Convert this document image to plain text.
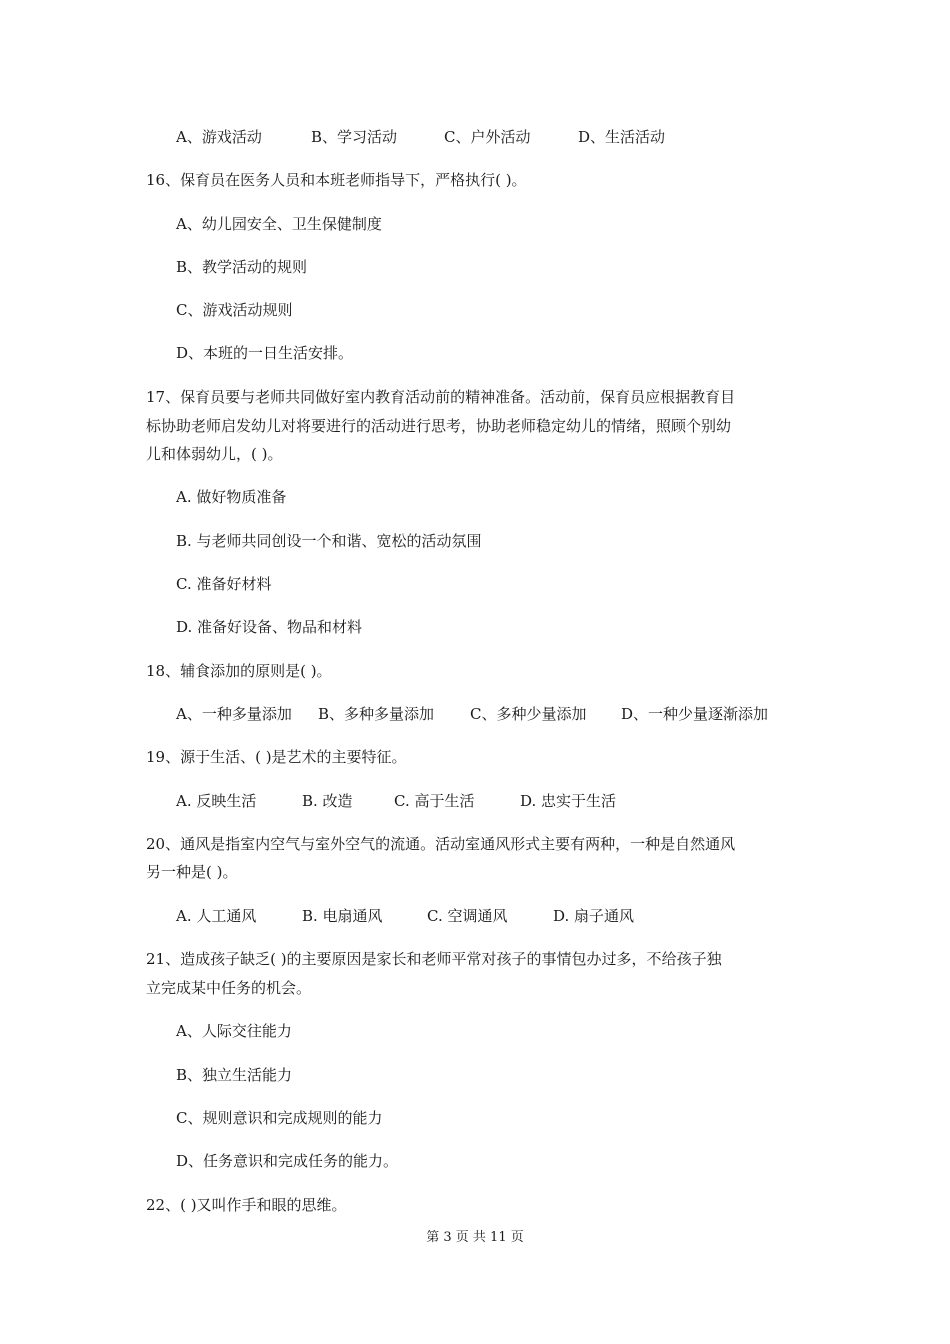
A、游戏活动	B、学习活动	C、户外活动	D、生活活动
16、保育员在医务人员和本班老师指导下，严格执行( )。
A、幼儿园安全、卫生保健制度
B、教学活动的规则
C、游戏活动规则
D、本班的一日生活安排。
17、保育员要与老师共同做好室内教育活动前的精神准备。活动前，保育员应根据教育目
标协助老师启发幼儿对将要进行的活动进行思考，协助老师稳定幼儿的情绪，照顾个别幼
儿和体弱幼儿，( )。
A. 做好物质准备
B. 与老师共同创设一个和谐、宽松的活动氛围
C. 准备好材料
D. 准备好设备、物品和材料
18、辅食添加的原则是( )。
A、一种多量添加 B、多种多量添加 C、多种少量添加 D、一种少量逐渐添加
19、源于生活、( )是艺术的主要特征。
A. 反映生活	B. 改造	C. 高于生活	D. 忠实于生活
20、通风是指室内空气与室外空气的流通。活动室通风形式主要有两种，一种是自然通风
另一种是( )。
A. 人工通风	B. 电扇通风	C. 空调通风	D. 扇子通风
21、造成孩子缺乏( )的主要原因是家长和老师平常对孩子的事情包办过多，不给孩子独
立完成某中任务的机会。
A、人际交往能力
B、独立生活能力
C、规则意识和完成规则的能力
D、任务意识和完成任务的能力。
22、( )又叫作手和眼的思维。
第 3 页 共 11 页
